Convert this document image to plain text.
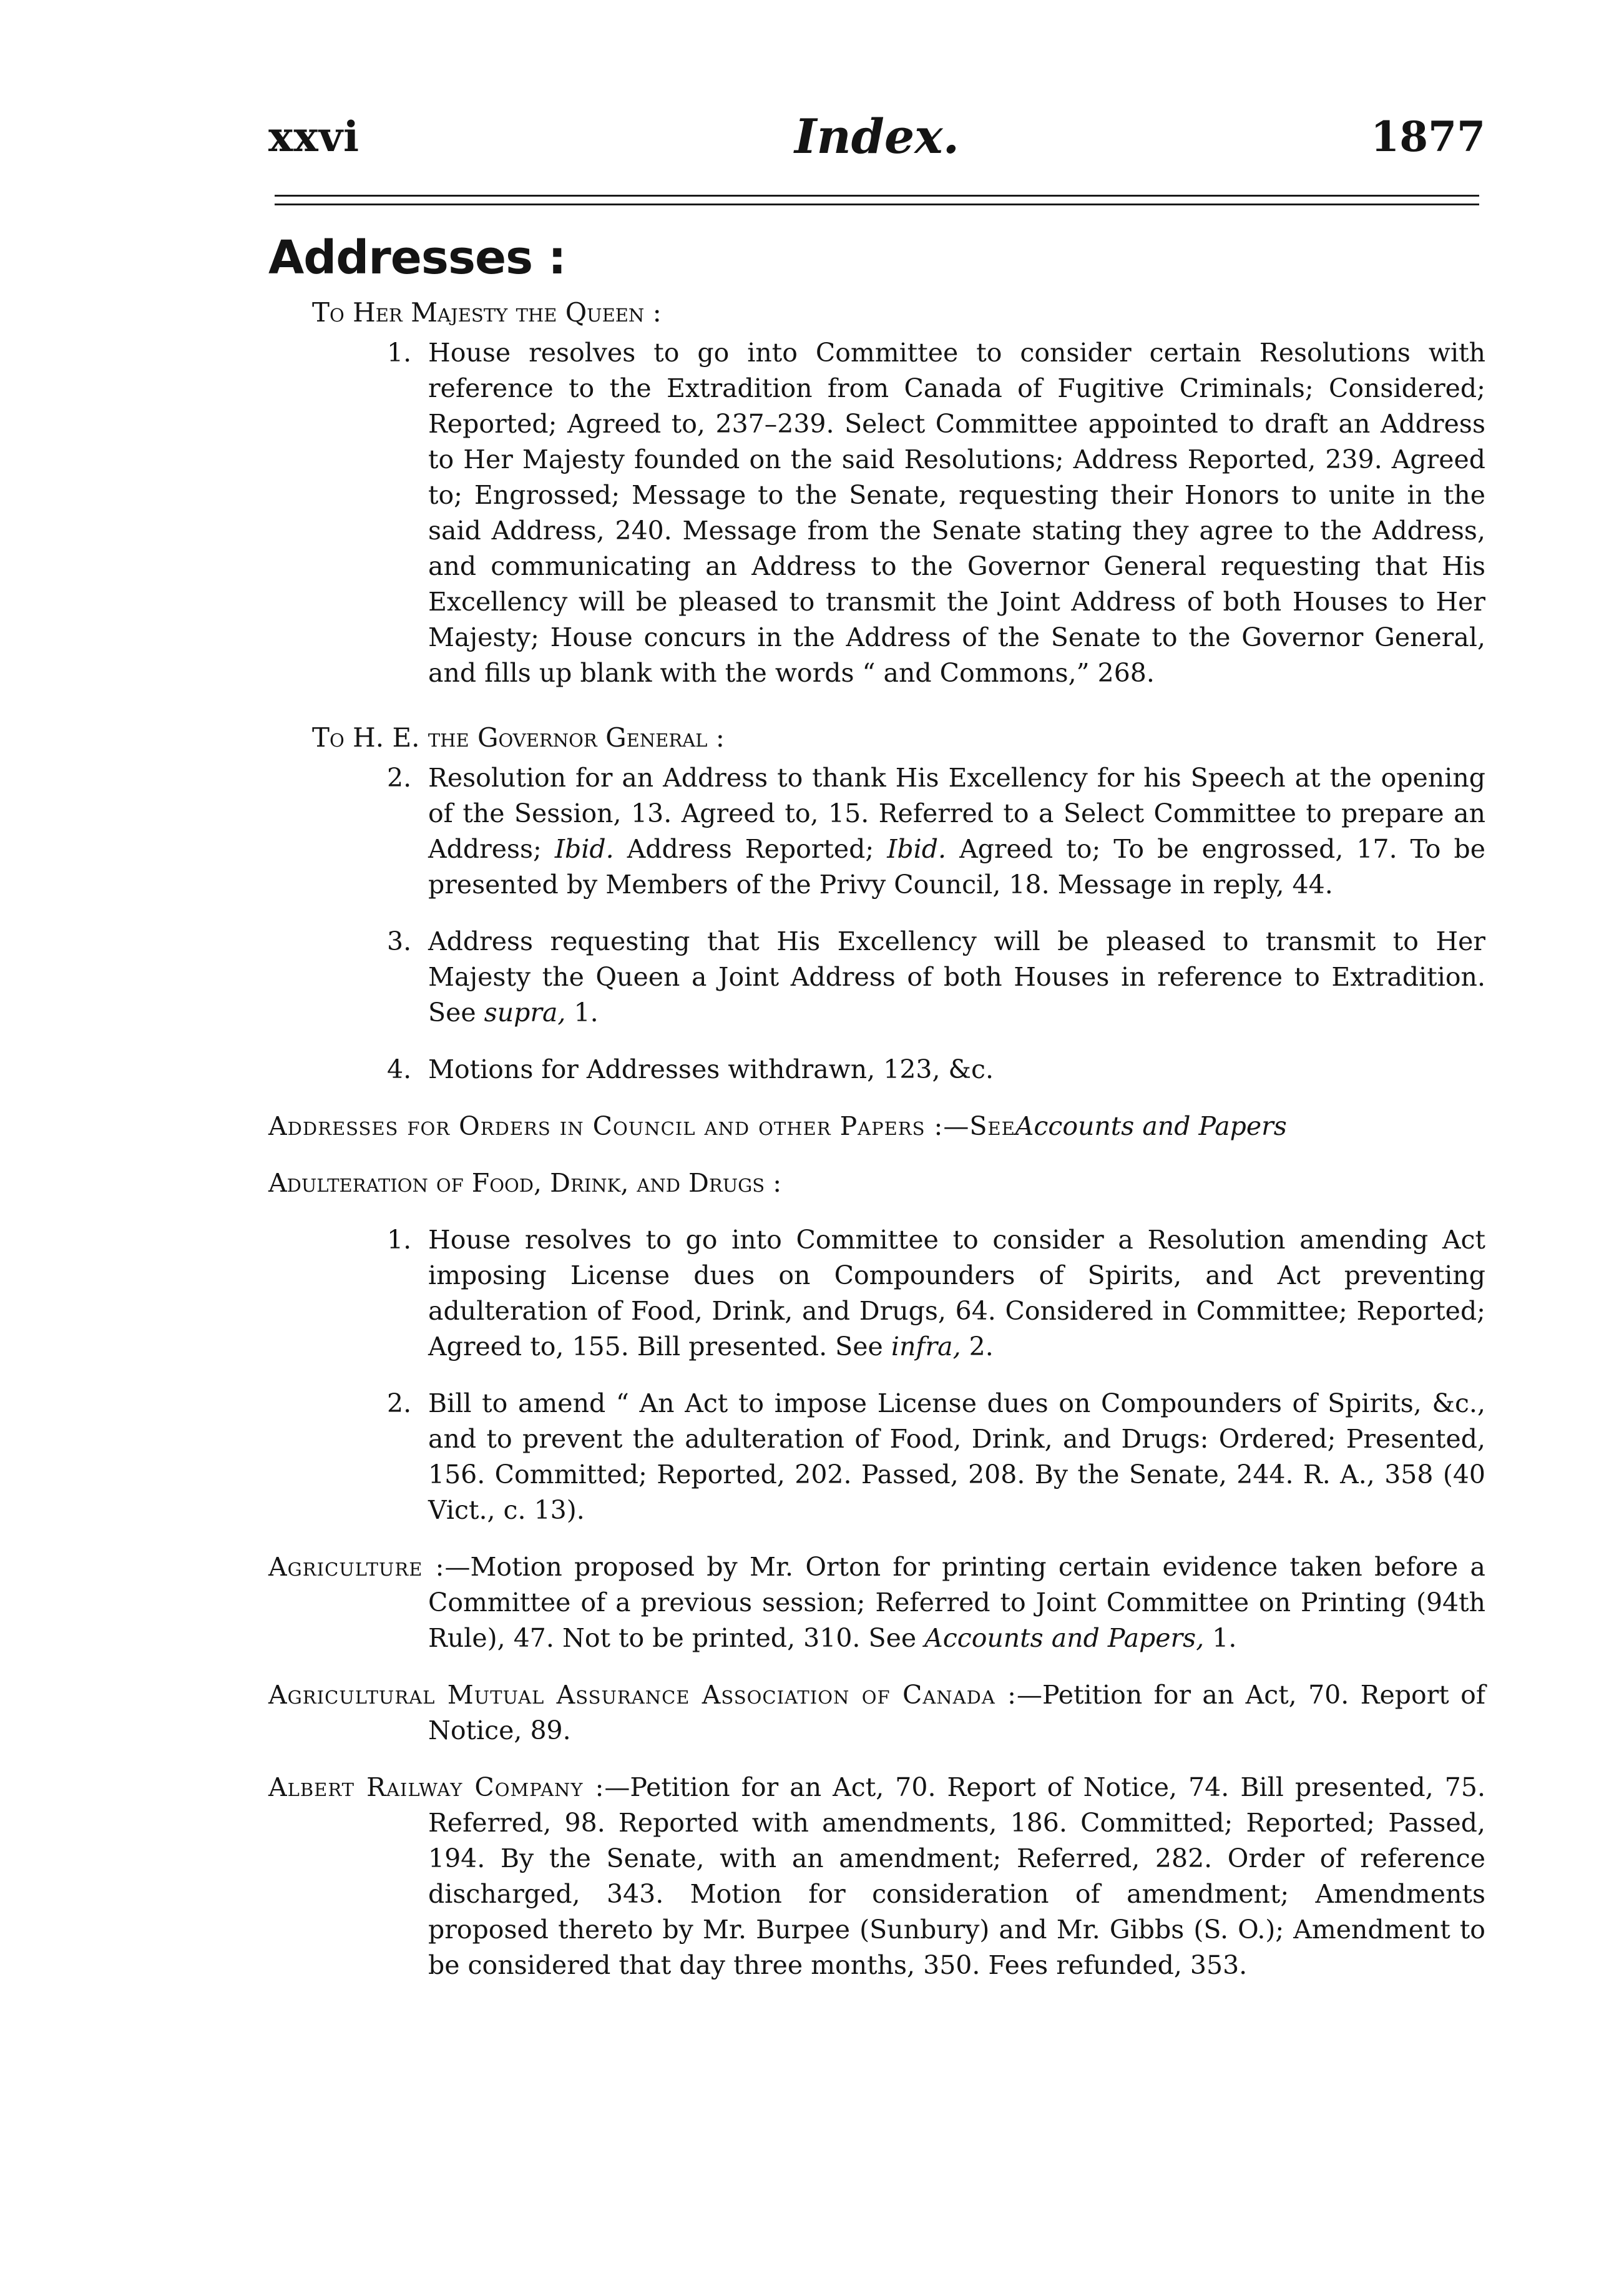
xxvi	Index.	1877
Addresses :
To Her Majesty the Queen :

1. House resolves to go into Committee to consider certain Resolutions with reference to the Extradition from Canada of Fugitive Criminals; Considered; Reported; Agreed to, 237–239. Select Committee appointed to draft an Address to Her Majesty founded on the said Resolutions; Address Reported, 239. Agreed to; Engrossed; Message to the Senate, requesting their Honors to unite in the said Address, 240. Message from the Senate stating they agree to the Address, and communicating an Address to the Governor General requesting that His Excellency will be pleased to transmit the Joint Address of both Houses to Her Majesty; House concurs in the Address of the Senate to the Governor General, and fills up blank with the words “ and Commons,” 268.

To H. E. the Governor General :

2. Resolution for an Address to thank His Excellency for his Speech at the opening of the Session, 13. Agreed to, 15. Referred to a Select Committee to prepare an Address; Ibid. Address Reported; Ibid. Agreed to; To be engrossed, 17. To be presented by Members of the Privy Council, 18. Message in reply, 44.

3. Address requesting that His Excellency will be pleased to transmit to Her Majesty the Queen a Joint Address of both Houses in reference to Extradition. See supra, 1.

4. Motions for Addresses withdrawn, 123, &c.

Addresses for Orders in Council and other Papers :—SeeAccounts and Papers

Adulteration of Food, Drink, and Drugs :

1. House resolves to go into Committee to consider a Resolution amending Act imposing License dues on Compounders of Spirits, and Act preventing adulteration of Food, Drink, and Drugs, 64. Considered in Committee; Reported; Agreed to, 155. Bill presented. See infra, 2.

2. Bill to amend “ An Act to impose License dues on Compounders of Spirits, &c., and to prevent the adulteration of Food, Drink, and Drugs: Ordered; Presented, 156. Committed; Reported, 202. Passed, 208. By the Senate, 244. R. A., 358 (40 Vict., c. 13).

Agriculture :—Motion proposed by Mr. Orton for printing certain evidence taken before a Committee of a previous session; Referred to Joint Committee on Printing (94th Rule), 47. Not to be printed, 310. See Accounts and Papers, 1.

Agricultural Mutual Assurance Association of Canada :—Petition for an Act, 70. Report of Notice, 89.

Albert Railway Company :—Petition for an Act, 70. Report of Notice, 74. Bill presented, 75. Referred, 98. Reported with amendments, 186. Committed; Reported; Passed, 194. By the Senate, with an amendment; Referred, 282. Order of reference discharged, 343. Motion for consideration of amendment; Amendments proposed thereto by Mr. Burpee (Sunbury) and Mr. Gibbs (S. O.); Amendment to be considered that day three months, 350. Fees refunded, 353.
